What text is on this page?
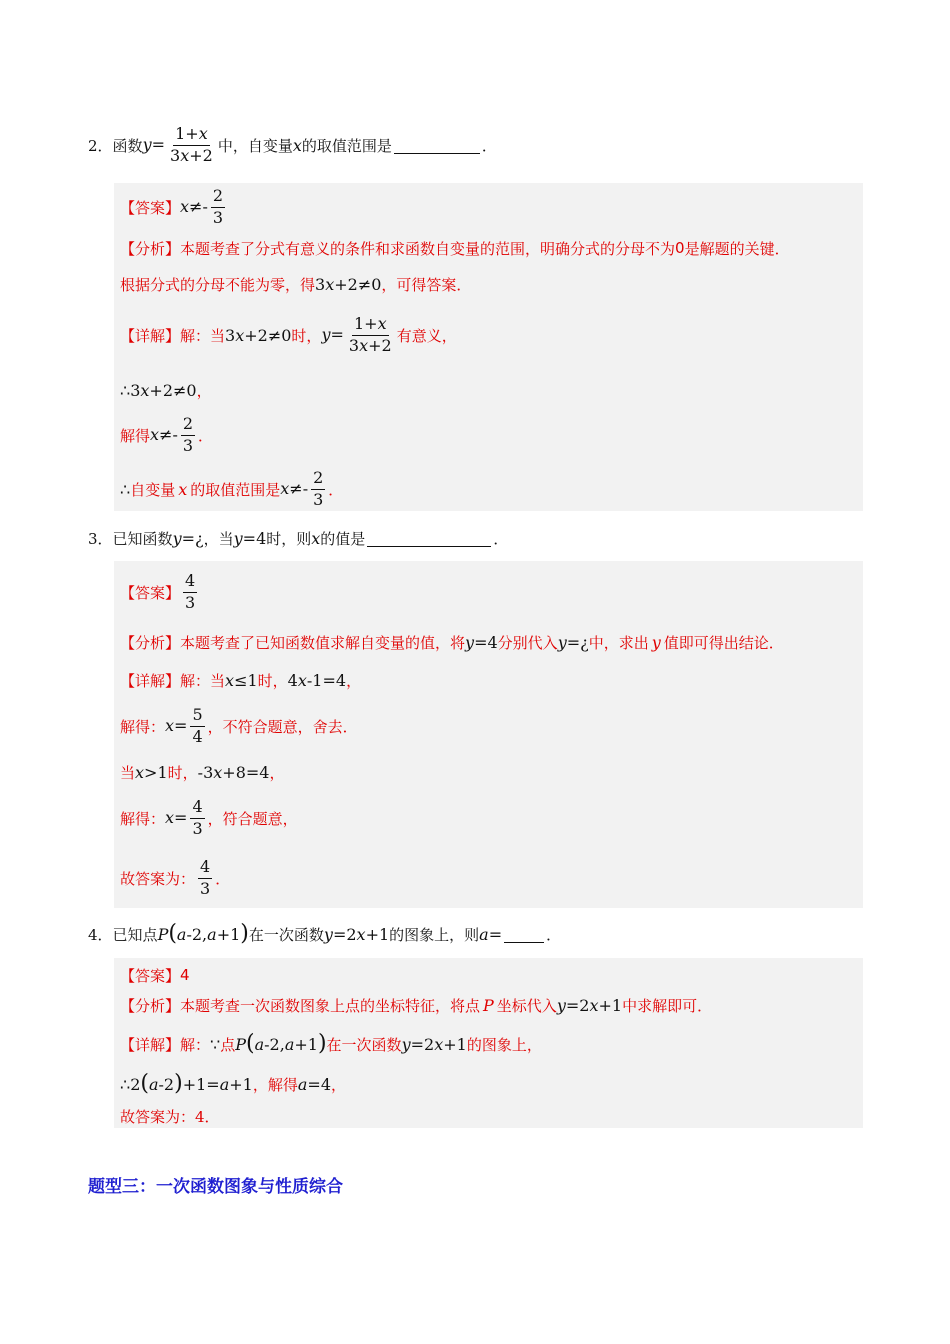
2． 函数 $y= \frac{1+x}{3x+2}$ 中，自变量 x 的取值范围是	．
【答案】 $x\ne- \frac{2}{3}$
【分析】 本题考查了分式有意义的条件和求函数自变量的范围，明确分式的分母不为 0 是解题的关键．
根据分式的分母不能为零，得 3x+2≠0 ，可得答案．
【详解】 解：当 3x+2≠0 时， $y= \frac{1+x}{3x+2}$ 有意义，
∴3x+2≠0 ，
解得 $x\ne- \frac{2}{3}$ ．
∴ 自变量 x 的取值范围是 $x\ne- \frac{2}{3}$ ．
3． 已知函数 y=¿ ，当 y=4 时，则 x 的值是	．
【答案】 $\frac{4}{3}$
【分析】 本题考查了已知函数值求解自变量的值，将 y=4 分别代入 y=¿ 中，求出 y 值即可得出结论．
【详解】 解：当 x≤1 时， 4x-1=4 ，
解得： $x= \frac{5}{4}$ ，不符合题意，舍去．
当 x>1 时， -3x+8=4 ，
解得： $x= \frac{4}{3}$ ，符合题意，
故答案为： $\frac{4}{3}$ ．
4． 已知点 P(a-2,a+1) 在一次函数 y=2x+1 的图象上，则 a=	．
【答案】 4
【分析】 本题考查一次函数图象上点的坐标特征，将点 P 坐标代入 y=2x+1 中求解即可．
【详解】 解： ∵ 点 P(a-2,a+1) 在一次函数 y=2x+1 的图象上，
∴2(a-2)+1=a+1 ，解得 a=4 ，
故答案为：4．
题型三：一次函数图象与性质综合
